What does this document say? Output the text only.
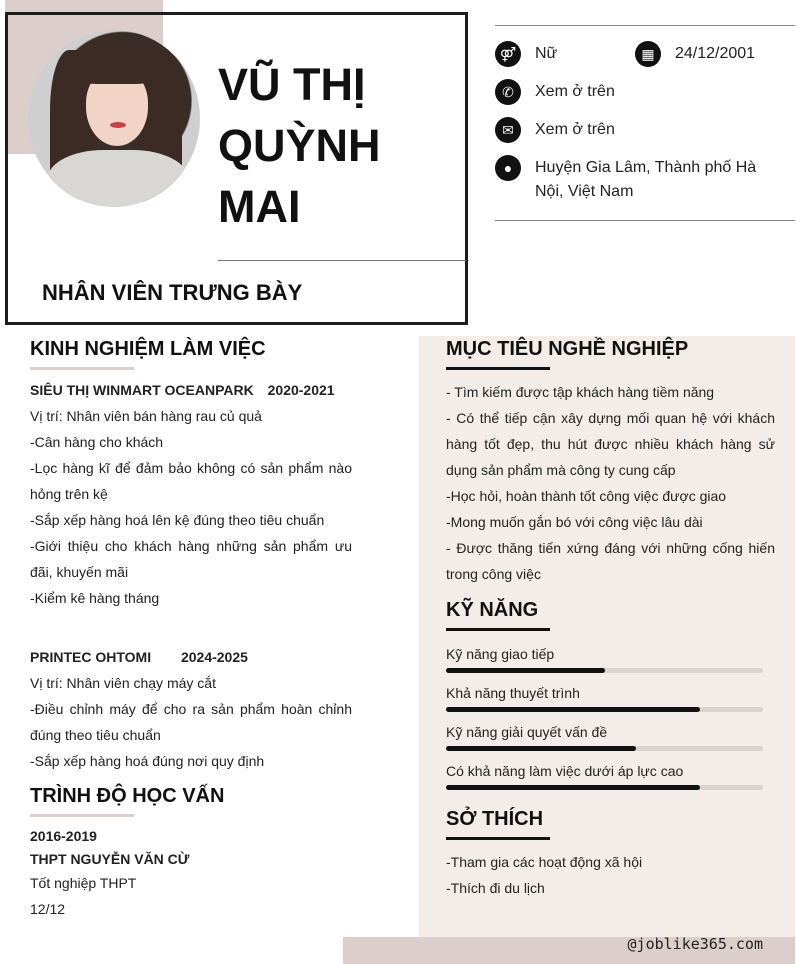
VŨ THỊ
QUỲNH
MAI
NHÂN VIÊN TRƯNG BÀY
⚤ Nữ	▦	24/12/2001
✆	Xem ở trên
✉	Xem ở trên
●	Huyện Gia Lâm, Thành phố Hà
Nội, Việt Nam
KINH NGHIỆM LÀM VIỆC
SIÊU THỊ WINMART OCEANPARK 2020-2021
Vị trí: Nhân viên bán hàng rau củ quả
-Cân hàng cho khách
-Lọc hàng kĩ để đảm bảo không có sản phẩm nào hỏng trên kệ
-Sắp xếp hàng hoá lên kệ đúng theo tiêu chuẩn
-Giới thiệu cho khách hàng những sản phẩm ưu đãi, khuyến mãi
-Kiểm kê hàng tháng
PRINTEC OHTOMI 2024-2025
Vị trí: Nhân viên chạy máy cắt
-Điều chỉnh máy để cho ra sản phẩm hoàn chỉnh đúng theo tiêu chuẩn
-Sắp xếp hàng hoá đúng nơi quy định
TRÌNH ĐỘ HỌC VẤN
2016-2019
THPT NGUYỄN VĂN CỪ
Tốt nghiệp THPT
12/12
MỤC TIÊU NGHỀ NGHIỆP
- Tìm kiếm được tập khách hàng tiềm năng
- Có thể tiếp cận xây dựng mối quan hệ với khách hàng tốt đẹp, thu hút được nhiều khách hàng sử dụng sản phẩm mà công ty cung cấp
-Học hỏi, hoàn thành tốt công việc được giao
-Mong muốn gắn bó với công việc lâu dài
- Được thăng tiến xứng đáng với những cống hiến trong công việc
KỸ NĂNG
Kỹ năng giao tiếp
Khả năng thuyết trình
Kỹ năng giải quyết vấn đề
Có khả năng làm việc dưới áp lực cao
SỞ THÍCH
-Tham gia các hoạt động xã hội
-Thích đi du lịch
@joblike365.com
